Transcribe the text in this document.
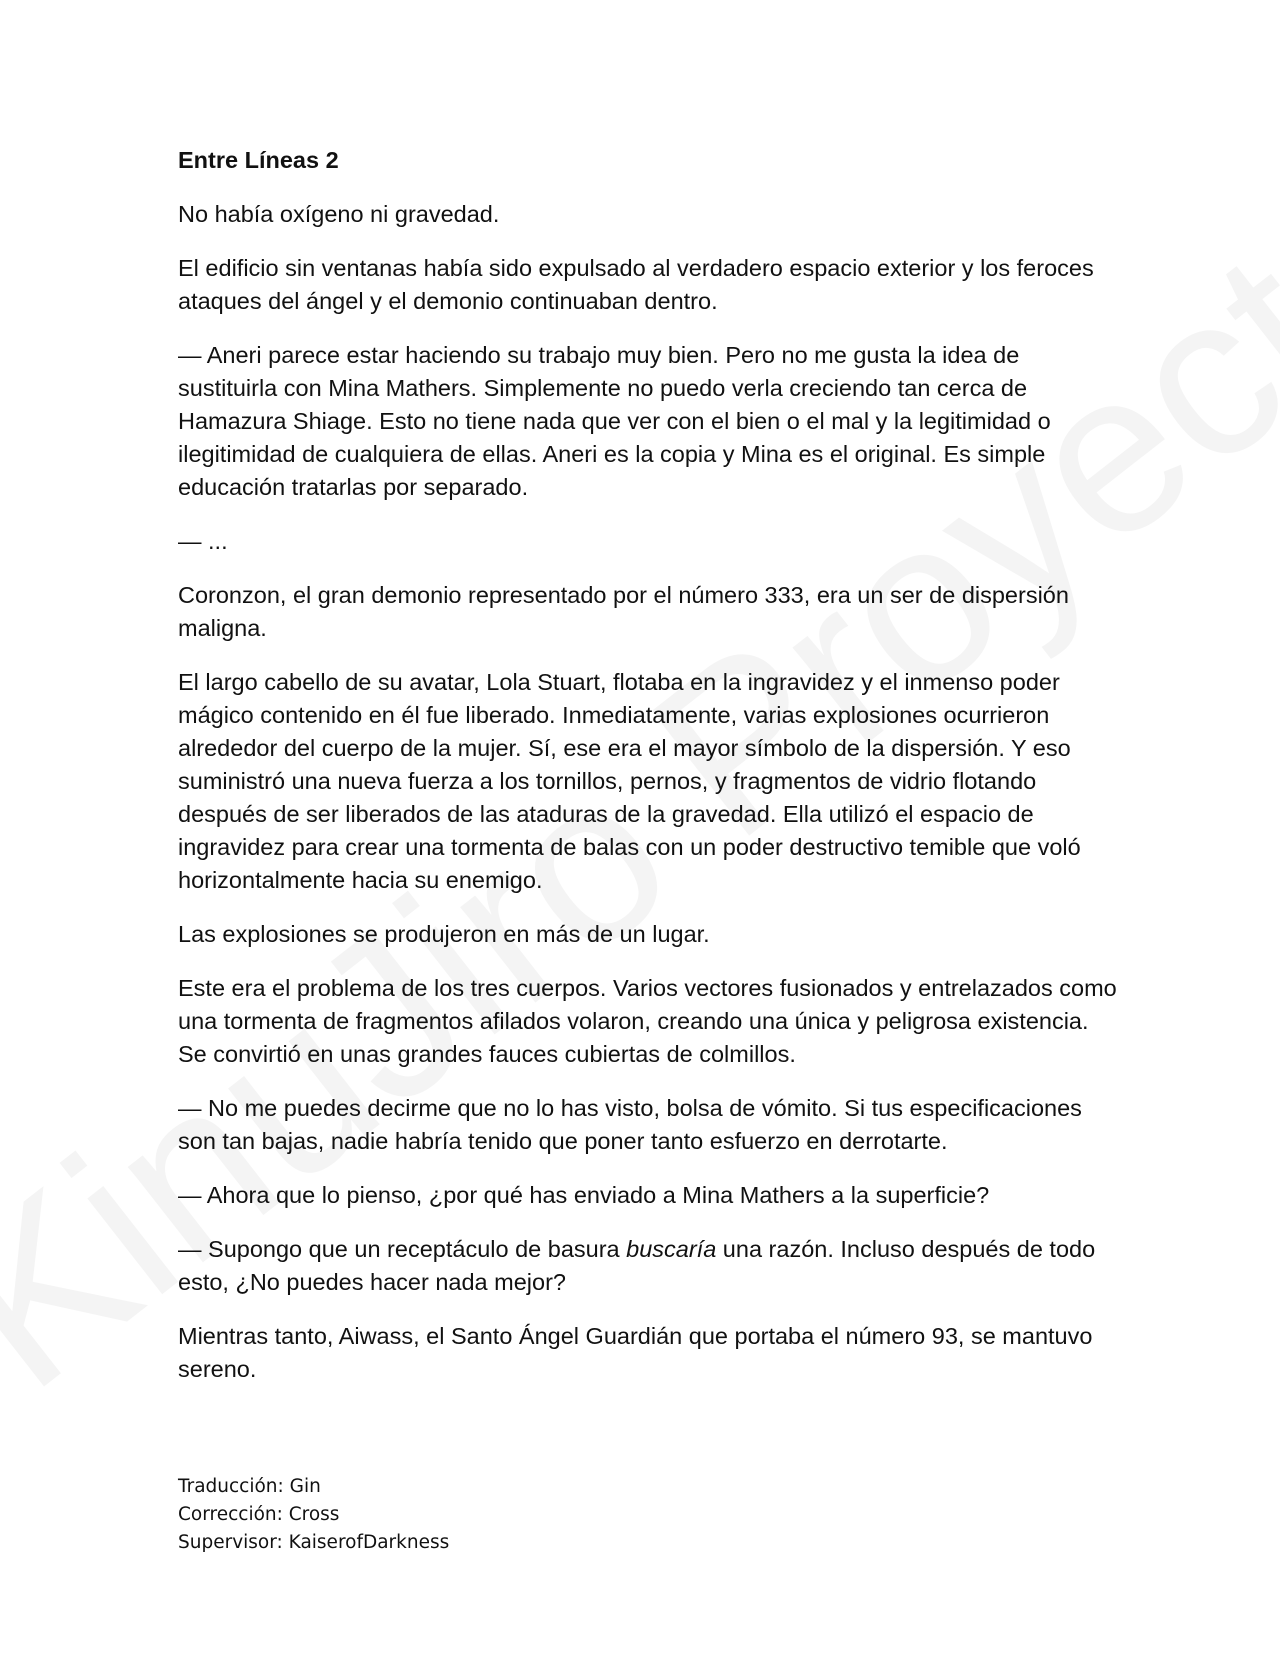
Entre Líneas 2

No había oxígeno ni gravedad.

El edificio sin ventanas había sido expulsado al verdadero espacio exterior y los feroces ataques del ángel y el demonio continuaban dentro.

— Aneri parece estar haciendo su trabajo muy bien. Pero no me gusta la idea de sustituirla con Mina Mathers. Simplemente no puedo verla creciendo tan cerca de Hamazura Shiage. Esto no tiene nada que ver con el bien o el mal y la legitimidad o ilegitimidad de cualquiera de ellas. Aneri es la copia y Mina es el original. Es simple educación tratarlas por separado.

— ...

Coronzon, el gran demonio representado por el número 333, era un ser de dispersión maligna.

El largo cabello de su avatar, Lola Stuart, flotaba en la ingravidez y el inmenso poder mágico contenido en él fue liberado. Inmediatamente, varias explosiones ocurrieron alrededor del cuerpo de la mujer. Sí, ese era el mayor símbolo de la dispersión. Y eso suministró una nueva fuerza a los tornillos, pernos, y fragmentos de vidrio flotando después de ser liberados de las ataduras de la gravedad. Ella utilizó el espacio de ingravidez para crear una tormenta de balas con un poder destructivo temible que voló horizontalmente hacia su enemigo.

Las explosiones se produjeron en más de un lugar.

Este era el problema de los tres cuerpos. Varios vectores fusionados y entrelazados como una tormenta de fragmentos afilados volaron, creando una única y peligrosa existencia. Se convirtió en unas grandes fauces cubiertas de colmillos.

— No me puedes decirme que no lo has visto, bolsa de vómito. Si tus especificaciones son tan bajas, nadie habría tenido que poner tanto esfuerzo en derrotarte.

— Ahora que lo pienso, ¿por qué has enviado a Mina Mathers a la superficie?

— Supongo que un receptáculo de basura buscaría una razón. Incluso después de todo esto, ¿No puedes hacer nada mejor?

Mientras tanto, Aiwass, el Santo Ángel Guardián que portaba el número 93, se mantuvo sereno.

Traducción: Gin
Corrección: Cross
Supervisor: KaiserofDarkness
